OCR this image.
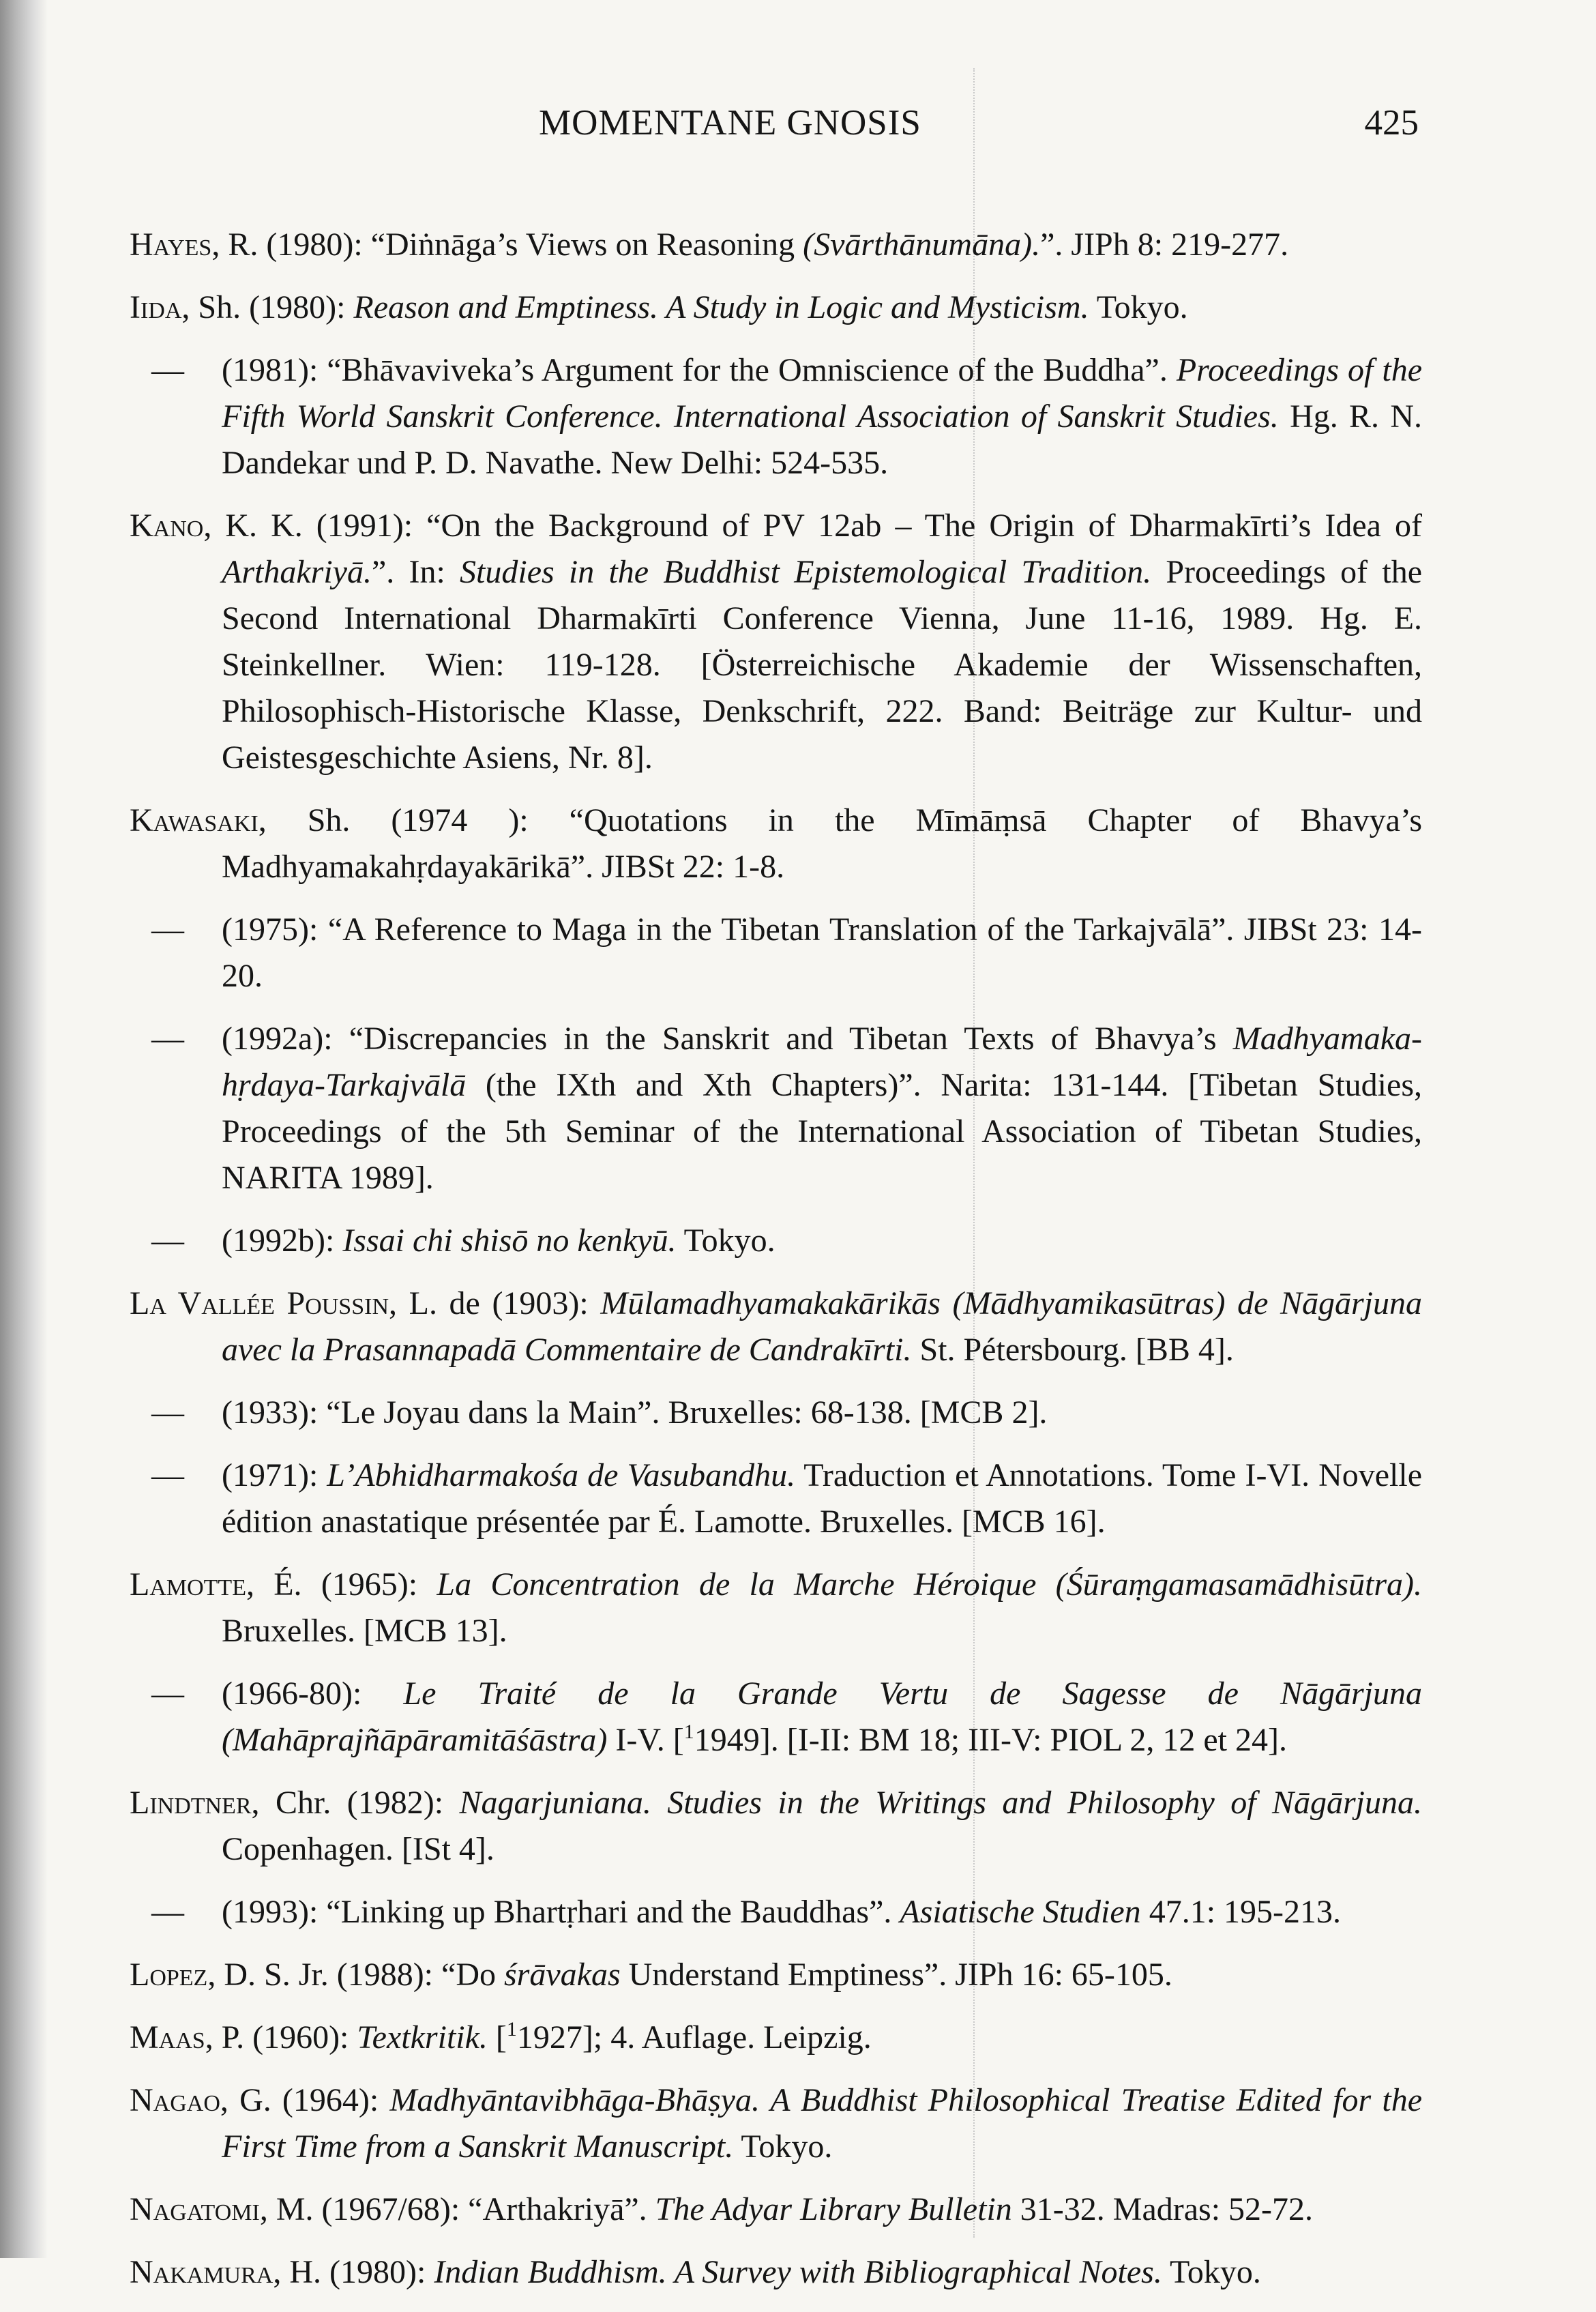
MOMENTANE GNOSIS	425
Hayes, R. (1980): “Diṅnāga’s Views on Reasoning (Svārthānumāna).”. JIPh 8: 219-277.
Iida, Sh. (1980): Reason and Emptiness. A Study in Logic and Mysticism. Tokyo.
—	(1981): “Bhāvaviveka’s Argument for the Omniscience of the Buddha”. Proceedings of the Fifth World Sanskrit Conference. International Association of Sanskrit Studies. Hg. R. N. Dandekar und P. D. Navathe. New Delhi: 524-535.
Kano, K. K. (1991): “On the Background of PV 12ab – The Origin of Dharmakīrti’s Idea of Arthakriyā.”. In: Studies in the Buddhist Epistemological Tradition. Proceedings of the Second International Dharmakīrti Conference Vienna, June 11-16, 1989. Hg. E. Steinkellner. Wien: 119-128. [Österreichische Akademie der Wissenschaften, Philosophisch-Historische Klasse, Denkschrift, 222. Band: Beiträge zur Kultur- und Geistesgeschichte Asiens, Nr. 8].
Kawasaki, Sh. (1974 ): “Quotations in the Mīmāṃsā Chapter of Bhavya’s Madhyamakahṛdayakārikā”. JIBSt 22: 1-8.
—	(1975): “A Reference to Maga in the Tibetan Translation of the Tarkajvālā”. JIBSt 23: 14-20.
—	(1992a): “Discrepancies in the Sanskrit and Tibetan Texts of Bhavya’s Madhyamaka-hṛdaya-Tarkajvālā (the IXth and Xth Chapters)”. Narita: 131-144. [Tibetan Studies, Proceedings of the 5th Seminar of the International Association of Tibetan Studies, NARITA 1989].
—	(1992b): Issai chi shisō no kenkyū. Tokyo.
La Vallée Poussin, L. de (1903): Mūlamadhyamakakārikās (Mādhyamikasūtras) de Nāgārjuna avec la Prasannapadā Commentaire de Candrakīrti. St. Pétersbourg. [BB 4].
—	(1933): “Le Joyau dans la Main”. Bruxelles: 68-138. [MCB 2].
—	(1971): L’Abhidharmakośa de Vasubandhu. Traduction et Annotations. Tome I-VI. Novelle édition anastatique présentée par É. Lamotte. Bruxelles. [MCB 16].
Lamotte, É. (1965): La Concentration de la Marche Héroique (Śūraṃgamasamādhisūtra). Bruxelles. [MCB 13].
—	(1966-80): Le Traité de la Grande Vertu de Sagesse de Nāgārjuna (Mahāprajñāpāramitāśāstra) I-V. [$^1$1949]. [I-II: BM 18; III-V: PIOL 2, 12 et 24].
Lindtner, Chr. (1982): Nagarjuniana. Studies in the Writings and Philosophy of Nāgārjuna. Copenhagen. [ISt 4].
—	(1993): “Linking up Bhartṛhari and the Bauddhas”. Asiatische Studien 47.1: 195-213.
Lopez, D. S. Jr. (1988): “Do śrāvakas Understand Emptiness”. JIPh 16: 65-105.
Maas, P. (1960): Textkritik. [$^1$1927]; 4. Auflage. Leipzig.
Nagao, G. (1964): Madhyāntavibhāga-Bhāṣya. A Buddhist Philosophical Treatise Edited for the First Time from a Sanskrit Manuscript. Tokyo.
Nagatomi, M. (1967/68): “Arthakriyā”. The Adyar Library Bulletin 31-32. Madras: 52-72.
Nakamura, H. (1980): Indian Buddhism. A Survey with Bibliographical Notes. Tokyo.
